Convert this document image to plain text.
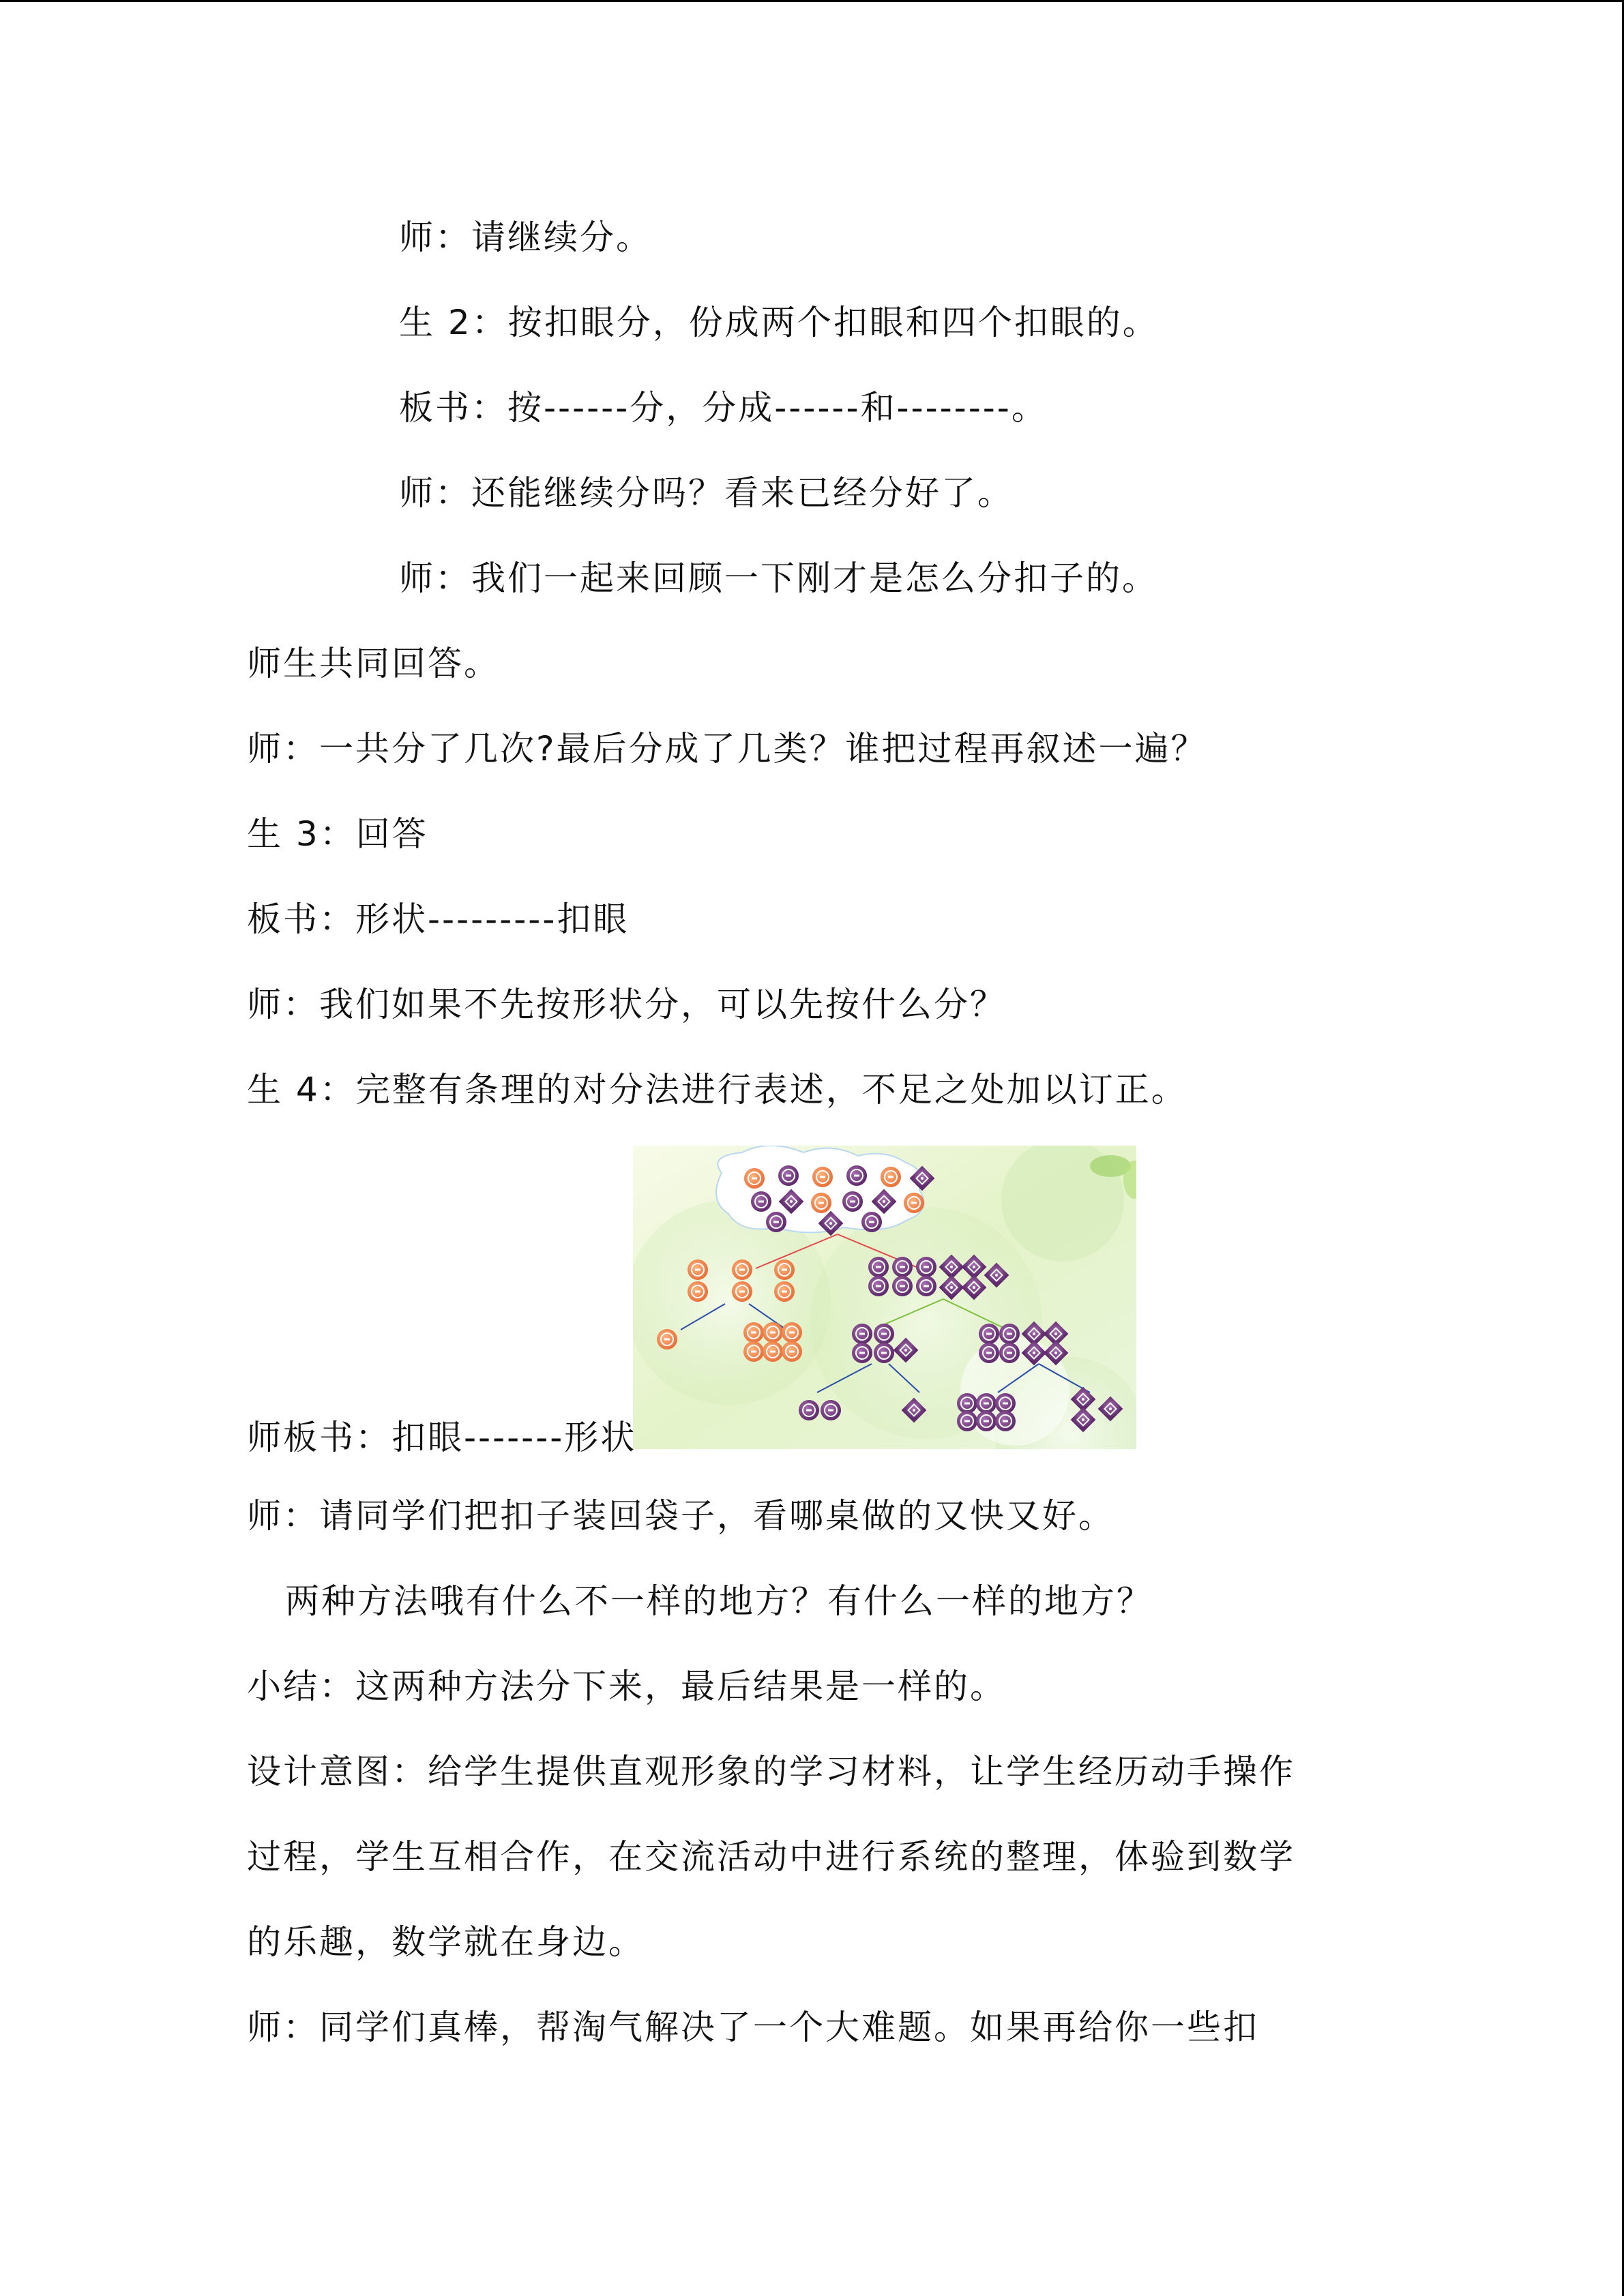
师：请继续分。
生 2：按扣眼分，份成两个扣眼和四个扣眼的。
板书：按------分，分成------和--------。
师：还能继续分吗？看来已经分好了。
师：我们一起来回顾一下刚才是怎么分扣子的。
师生共同回答。
师：一共分了几次?最后分成了几类？谁把过程再叙述一遍？
生 3：回答
板书：形状---------扣眼
师：我们如果不先按形状分，可以先按什么分？
生 4：完整有条理的对分法进行表述，不足之处加以订正。
师板书：扣眼-------形状
师：请同学们把扣子装回袋子，看哪桌做的又快又好。
两种方法哦有什么不一样的地方？有什么一样的地方？
小结：这两种方法分下来，最后结果是一样的。
设计意图：给学生提供直观形象的学习材料，让学生经历动手操作
过程，学生互相合作，在交流活动中进行系统的整理，体验到数学
的乐趣，数学就在身边。
师：同学们真棒，帮淘气解决了一个大难题。如果再给你一些扣
